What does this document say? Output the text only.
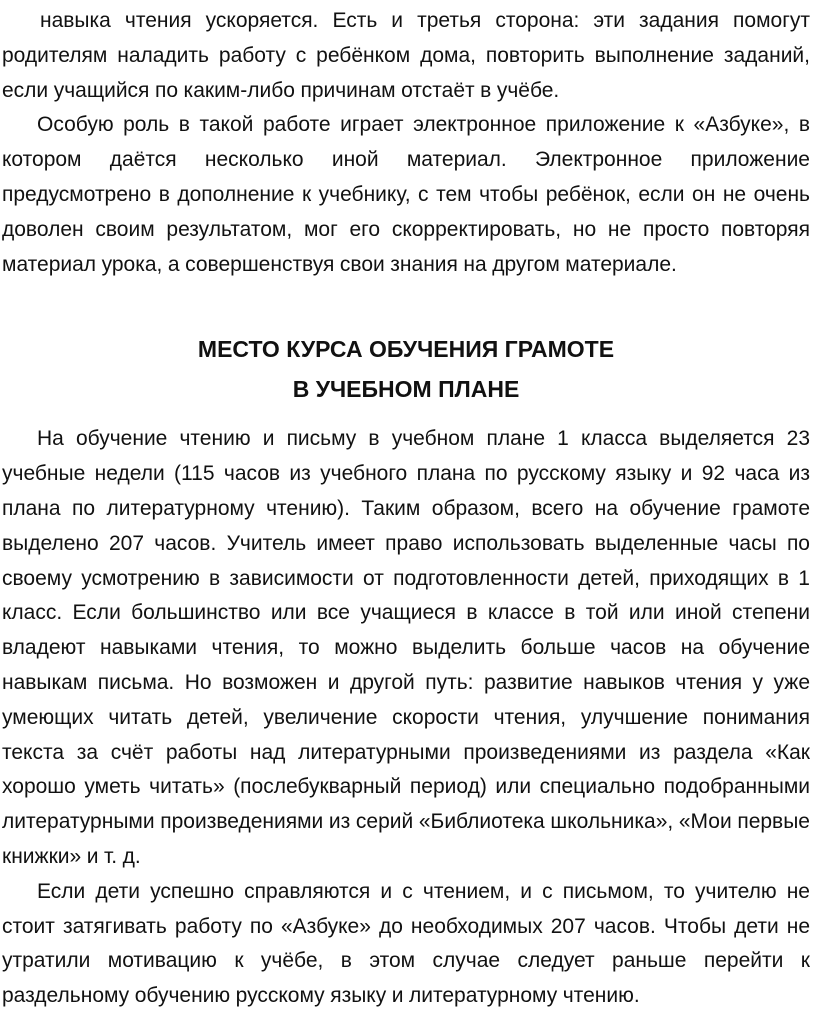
навыка чтения ускоряется. Есть и третья сторона: эти задания помогут родителям наладить работу с ребёнком дома, повторить выполнение заданий, если учащийся по каким-либо причинам отстаёт в учёбе.

Особую роль в такой работе играет электронное приложение к «Азбуке», в котором даётся несколько иной материал. Электронное приложение предусмотрено в дополнение к учебнику, с тем чтобы ребёнок, если он не очень доволен своим результатом, мог его скорректировать, но не просто повторяя материал урока, а совершенствуя свои знания на другом материале.

МЕСТО КУРСА ОБУЧЕНИЯ ГРАМОТЕ

В УЧЕБНОМ ПЛАНЕ

На обучение чтению и письму в учебном плане 1 класса выделяется 23 учебные недели (115 часов из учебного плана по русскому языку и 92 часа из плана по литературному чтению). Таким образом, всего на обучение грамоте выделено 207 часов. Учитель имеет право использовать выделенные часы по своему усмотрению в зависимости от подготовленности детей, приходящих в 1 класс. Если большинство или все учащиеся в классе в той или иной степени владеют навыками чтения, то можно выделить больше часов на обучение навыкам письма. Но возможен и другой путь: развитие навыков чтения у уже умеющих читать детей, увеличение скорости чтения, улучшение понимания текста за счёт работы над литературными произведениями из раздела «Как хорошо уметь читать» (послебукварный период) или специально подобранными литературными произведениями из серий «Библиотека школьника», «Мои первые книжки» и т. д.

Если дети успешно справляются и с чтением, и с письмом, то учителю не стоит затягивать работу по «Азбуке» до необходимых 207 часов. Чтобы дети не утратили мотивацию к учёбе, в этом случае следует раньше перейти к раздельному обучению русскому языку и литературному чтению.
